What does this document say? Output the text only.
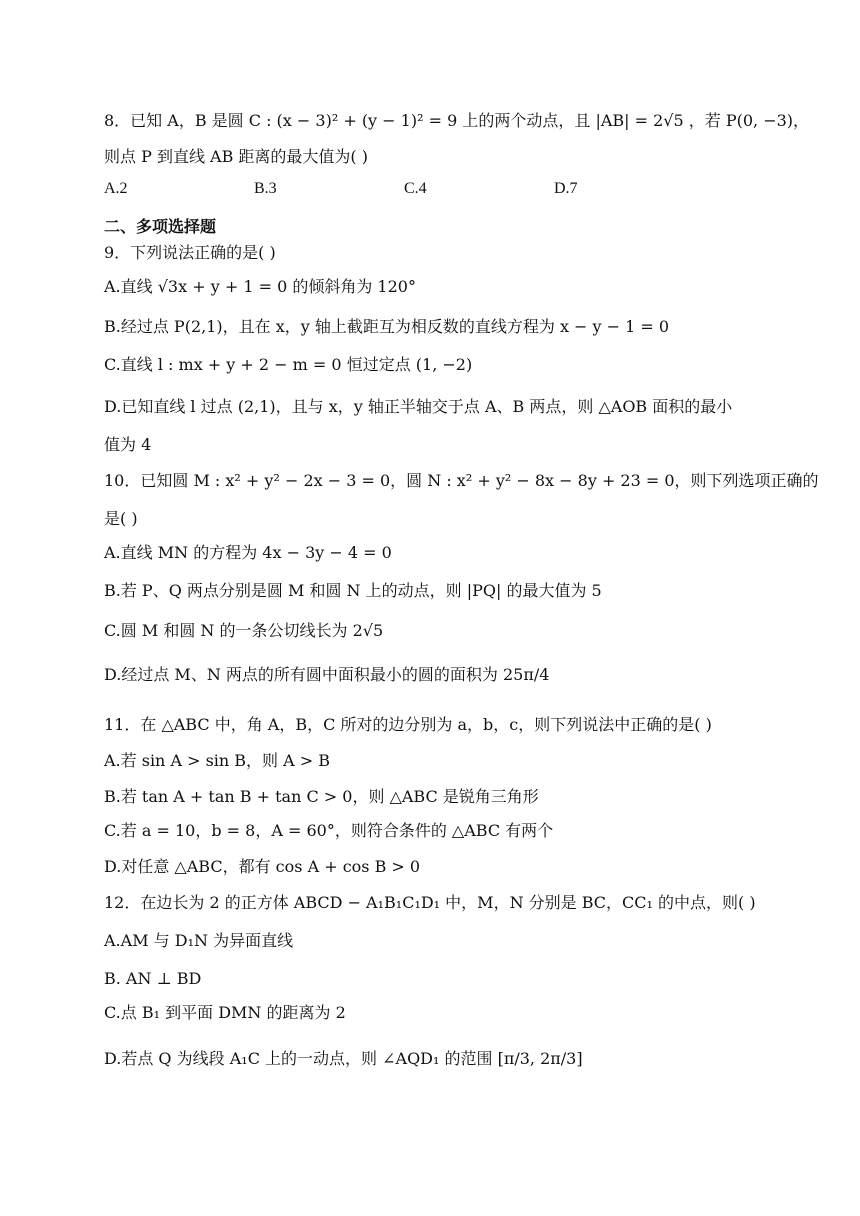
8．已知 A，B 是圆 C : (x − 3)² + (y − 1)² = 9 上的两个动点，且 |AB| = 2√5 ，若 P(0, −3)，
则点 P 到直线 AB 距离的最大值为( )
A.2	B.3	C.4	D.7
二、多项选择题
9．下列说法正确的是( )
A.直线 √3x + y + 1 = 0 的倾斜角为 120°
B.经过点 P(2,1)，且在 x，y 轴上截距互为相反数的直线方程为 x − y − 1 = 0
C.直线 l : mx + y + 2 − m = 0 恒过定点 (1, −2)
D.已知直线 l 过点 (2,1)，且与 x，y 轴正半轴交于点 A、B 两点，则 △AOB 面积的最小
值为 4
10．已知圆 M : x² + y² − 2x − 3 = 0，圆 N : x² + y² − 8x − 8y + 23 = 0，则下列选项正确的
是( )
A.直线 MN 的方程为 4x − 3y − 4 = 0
B.若 P、Q 两点分别是圆 M 和圆 N 上的动点，则 |PQ| 的最大值为 5
C.圆 M 和圆 N 的一条公切线长为 2√5
D.经过点 M、N 两点的所有圆中面积最小的圆的面积为 25π/4
11．在 △ABC 中，角 A，B，C 所对的边分别为 a，b，c，则下列说法中正确的是( )
A.若 sin A > sin B，则 A > B
B.若 tan A + tan B + tan C > 0，则 △ABC 是锐角三角形
C.若 a = 10，b = 8，A = 60°，则符合条件的 △ABC 有两个
D.对任意 △ABC，都有 cos A + cos B > 0
12．在边长为 2 的正方体 ABCD − A₁B₁C₁D₁ 中，M，N 分别是 BC，CC₁ 的中点，则( )
A.AM 与 D₁N 为异面直线
B. AN ⊥ BD
C.点 B₁ 到平面 DMN 的距离为 2
D.若点 Q 为线段 A₁C 上的一动点，则 ∠AQD₁ 的范围 [π/3, 2π/3]
